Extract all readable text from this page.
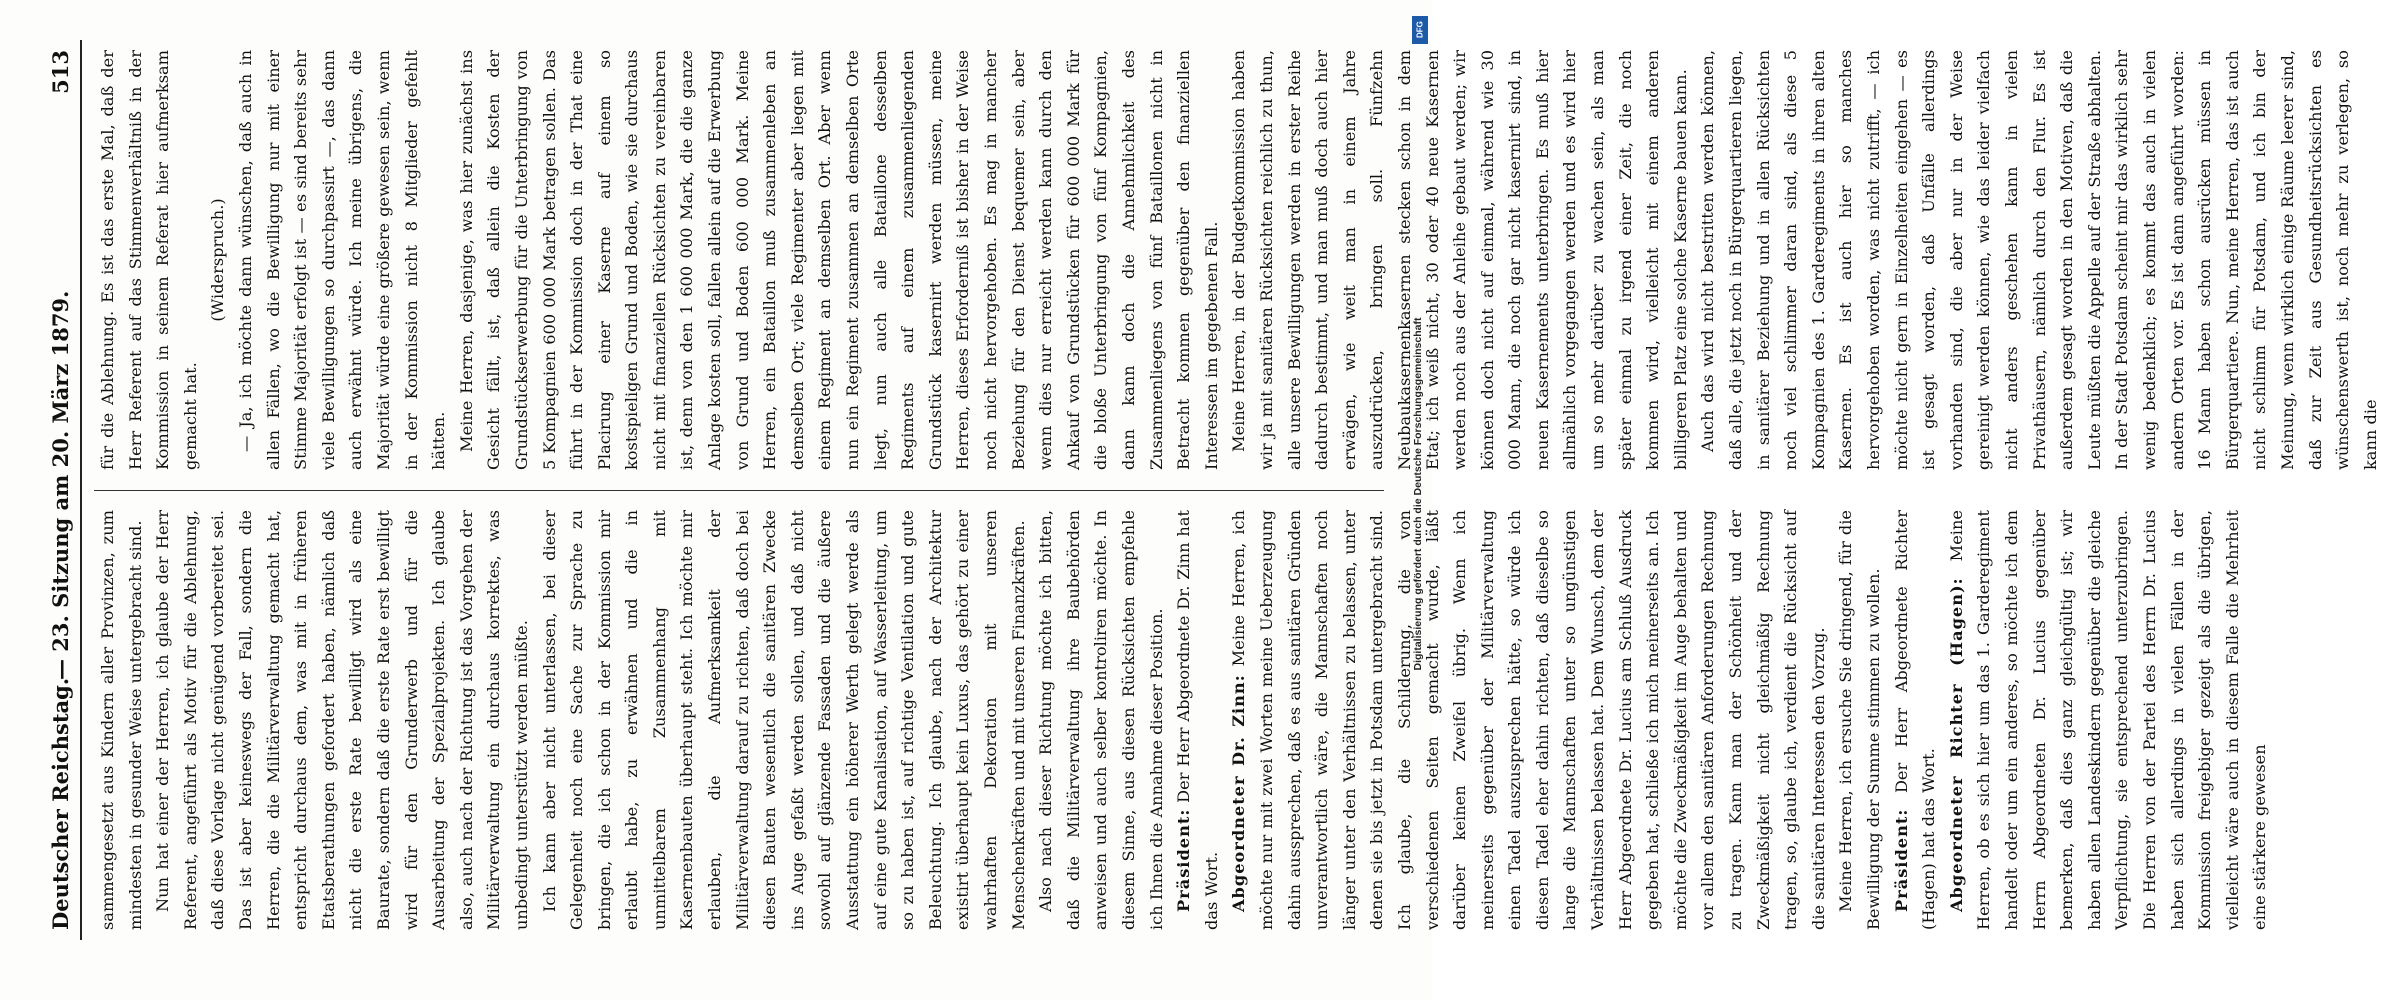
Deutscher Reichstag.
— 23. Sitzung am 20. März 1879.
513

sammengesetzt aus Kindern aller Provinzen, zum mindesten in gesunder Weise untergebracht sind. Nun hat einer der Herren, ich glaube der Herr Referent, angeführt als Motiv für die Ablehnung, daß diese Vorlage nicht genügend vorbereitet sei. Das ist aber keineswegs der Fall, sondern die Herren, die die Militärverwaltung gemacht hat, entspricht durchaus dem, was mit in früheren Etatsberathungen gefordert haben, nämlich daß nicht die erste Rate bewilligt wird als eine Baurate, sondern daß die erste Rate erst bewilligt wird für den Grunderwerb und für die Ausarbeitung der Spezialprojekten. Ich glaube also, auch nach der Richtung ist das Vorgehen der Militärverwaltung ein durchaus korrektes, was unbedingt unterstützt werden müßte. Ich kann aber nicht unterlassen, bei dieser Gelegenheit noch eine Sache zur Sprache zu bringen, die ich schon in der Kommission mir erlaubt habe, zu erwähnen und die in unmittelbarem Zusammenhang mit Kasernenbauten überhaupt steht. Ich möchte mir erlauben, die Aufmerksamkeit der Militärverwaltung darauf zu richten, daß doch bei diesen Bauten wesentlich die sanitären Zwecke ins Auge gefaßt werden sollen, und daß nicht sowohl auf glänzende Fassaden und die äußere Ausstattung ein höherer Werth gelegt werde als auf eine gute Kanalisation, auf Wasserleitung, um so zu haben ist, auf richtige Ventilation und gute Beleuchtung. Ich glaube, nach der Architektur existirt überhaupt kein Luxus, das gehört zu einer wahrhaften Dekoration mit unseren Menschenkräften und mit unseren Finanzkräften. Also nach dieser Richtung möchte ich bitten, daß die Militärverwaltung ihre Baubehörden anweisen und auch selber kontroliren möchte. In diesem Sinne, aus diesen Rücksichten empfehle ich Ihnen die Annahme dieser Position. Präsident: Der Herr Abgeordnete Dr. Zinn hat das Wort. Abgeordneter Dr. Zinn: Meine Herren, ich möchte nur mit zwei Worten meine Ueberzeugung dahin aussprechen, daß es aus sanitären Gründen unverantwortlich wäre, die Mannschaften noch länger unter den Verhältnissen zu belassen, unter denen sie bis jetzt in Potsdam untergebracht sind. Ich glaube, die Schilderung, die von verschiedenen Seiten gemacht wurde, läßt darüber keinen Zweifel übrig. Wenn ich meinerseits gegenüber der Militärverwaltung einen Tadel auszusprechen hätte, so würde ich diesen Tadel eher dahin richten, daß dieselbe so lange die Mannschaften unter so ungünstigen Verhältnissen belassen hat. Dem Wunsch, dem der Herr Abgeordnete Dr. Lucius am Schluß Ausdruck gegeben hat, schließe ich mich meinerseits an. Ich möchte die Zweckmäßigkeit im Auge behalten und vor allem den sanitären Anforderungen Rechnung zu tragen. Kann man der Schönheit und der Zweckmäßigkeit nicht gleichmäßig Rechnung tragen, so, glaube ich, verdient die Rücksicht auf die sanitären Interessen den Vorzug. Meine Herren, ich ersuche Sie dringend, für die Bewilligung der Summe stimmen zu wollen. Präsident: Der Herr Abgeordnete Richter (Hagen) hat das Wort. Abgeordneter Richter (Hagen): Meine Herren, ob es sich hier um das 1. Garderegiment handelt oder um ein anderes, so möchte ich dem Herrn Abgeordneten Dr. Lucius gegenüber bemerken, daß dies ganz gleichgültig ist; wir haben allen Landeskindern gegenüber die gleiche Verpflichtung, sie entsprechend unterzubringen. Die Herren von der Partei des Herrn Dr. Lucius haben sich allerdings in vielen Fällen in der Kommission freigebiger gezeigt als die übrigen, vielleicht wäre auch in diesem Falle die Mehrheit eine stärkere gewesen

für die Ablehnung. Es ist das erste Mal, daß der Herr Referent auf das Stimmenverhältniß in der Kommission in seinem Referat hier aufmerksam gemacht hat.

(Widerspruch.) — Ja, ich möchte dann wünschen, daß auch in allen Fällen, wo die Bewilligung nur mit einer Stimme Majorität erfolgt ist — es sind bereits sehr viele Bewilligungen so durchpassirt —, das dann auch erwähnt würde. Ich meine übrigens, die Majorität würde eine größere gewesen sein, wenn in der Kommission nicht 8 Mitglieder gefehlt hätten. Meine Herren, dasjenige, was hier zunächst ins Gesicht fällt, ist, daß allein die Kosten der Grundstückserwerbung für die Unterbringung von 5 Kompagnien 600 000 Mark betragen sollen. Das führt in der Kommission doch in der That eine Placirung einer Kaserne auf einem so kostspieligen Grund und Boden, wie sie durchaus nicht mit finanziellen Rücksichten zu vereinbaren ist, denn von den 1 600 000 Mark, die die ganze Anlage kosten soll, fallen allein auf die Erwerbung von Grund und Boden 600 000 Mark. Meine Herren, ein Bataillon muß zusammenleben an demselben Ort; viele Regimenter aber liegen mit einem Regiment an demselben Ort. Aber wenn nun ein Regiment zusammen an demselben Orte liegt, nun auch alle Bataillone desselben Regiments auf einem zusammenliegenden Grundstück kasernirt werden müssen, meine Herren, dieses Erforderniß ist bisher in der Weise noch nicht hervorgehoben. Es mag in mancher Beziehung für den Dienst bequemer sein, aber wenn dies nur erreicht werden kann durch den Ankauf von Grundstücken für 600 000 Mark für die bloße Unterbringung von fünf Kompagnien, dann kann doch die Annehmlichkeit des Zusammenliegens von fünf Bataillonen nicht in Betracht kommen gegenüber den finanziellen Interessen im gegebenen Fall. Meine Herren, in der Budgetkommission haben wir ja mit sanitären Rücksichten reichlich zu thun, alle unsere Bewilligungen werden in erster Reihe dadurch bestimmt, und man muß doch auch hier erwägen, wie weit man in einem Jahre auszudrücken, bringen soll. Fünfzehn Neubaukasernenkasernen stecken schon in dem Etat; ich weiß nicht, 30 oder 40 neue Kasernen werden noch aus der Anleihe gebaut werden; wir können doch nicht auf einmal, während wie 30 000 Mann, die noch gar nicht kasernirt sind, in neuen Kasernements unterbringen. Es muß hier allmählich vorgegangen werden und es wird hier um so mehr darüber zu wachen sein, als man später einmal zu irgend einer Zeit, die noch kommen wird, vielleicht mit einem anderen billigeren Platz eine solche Kaserne bauen kann. Auch das wird nicht bestritten werden können, daß alle, die jetzt noch in Bürgerquartieren liegen, in sanitärer Beziehung und in allen Rücksichten noch viel schlimmer daran sind, als diese 5 Kompagnien des 1. Garderegiments in ihren alten Kasernen. Es ist auch hier so manches hervorgehoben worden, was nicht zutrifft, — ich möchte nicht gern in Einzelheiten eingehen — es ist gesagt worden, daß Unfälle allerdings vorhanden sind, die aber nur in der Weise gereinigt werden können, wie das leider vielfach nicht anders geschehen kann in vielen Privathäusern, nämlich durch den Flur. Es ist außerdem gesagt worden in den Motiven, daß die Leute müßten die Appelle auf der Straße abhalten. In der Stadt Potsdam scheint mir das wirklich sehr wenig bedenklich; es kommt das auch in vielen andern Orten vor. Es ist dann angeführt worden: 16 Mann haben schon ausrücken müssen in Bürgerquartiere. Nun, meine Herren, das ist auch nicht schlimm für Potsdam, und ich bin der Meinung, wenn wirklich einige Räume leerer sind, daß zur Zeit aus Gesundheitsrücksichten es wünschenswerth ist, noch mehr zu verlegen, so kann die

DFG
Digitalisierung gefördert durch die Deutsche Forschungsgemeinschaft
